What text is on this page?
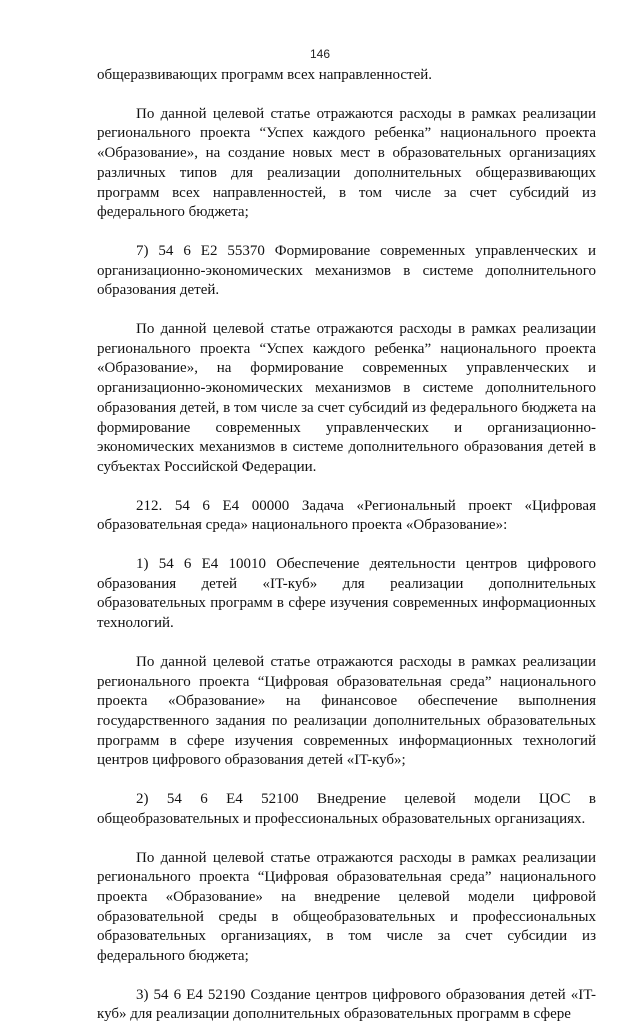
146

общеразвивающих программ всех направленностей.

По данной целевой статье отражаются расходы в рамках реализации регионального проекта “Успех каждого ребенка” национального проекта «Образование», на создание новых мест в образовательных организациях различных типов для реализации дополнительных общеразвивающих программ всех направленностей, в том числе за счет субсидий из федерального бюджета;

7) 54 6 Е2 55370 Формирование современных управленческих и организационно-экономических механизмов в системе дополнительного образования детей.

По данной целевой статье отражаются расходы в рамках реализации регионального проекта “Успех каждого ребенка” национального проекта «Образование», на формирование современных управленческих и организационно-экономических механизмов в системе дополнительного образования детей, в том числе за счет субсидий из федерального бюджета на формирование современных управленческих и организационно-экономических механизмов в системе дополнительного образования детей в субъектах Российской Федерации.

212. 54 6 Е4 00000 Задача «Региональный проект «Цифровая образовательная среда» национального проекта «Образование»:

1) 54 6 Е4 10010 Обеспечение деятельности центров цифрового образования детей «IT-куб» для реализации дополнительных образовательных программ в сфере изучения современных информационных технологий.

По данной целевой статье отражаются расходы в рамках реализации регионального проекта “Цифровая образовательная среда” национального проекта «Образование» на финансовое обеспечение выполнения государственного задания по реализации дополнительных образовательных программ в сфере изучения современных информационных технологий центров цифрового образования детей «IT-куб»;

2) 54 6 Е4 52100 Внедрение целевой модели ЦОС в общеобразовательных и профессиональных образовательных организациях.

По данной целевой статье отражаются расходы в рамках реализации регионального проекта “Цифровая образовательная среда” национального проекта «Образование» на внедрение целевой модели цифровой образовательной среды в общеобразовательных и профессиональных образовательных организациях, в том числе за счет субсидии из федерального бюджета;

3) 54 6 Е4 52190 Создание центров цифрового образования детей «IT-куб» для реализации дополнительных образовательных программ в сфере
